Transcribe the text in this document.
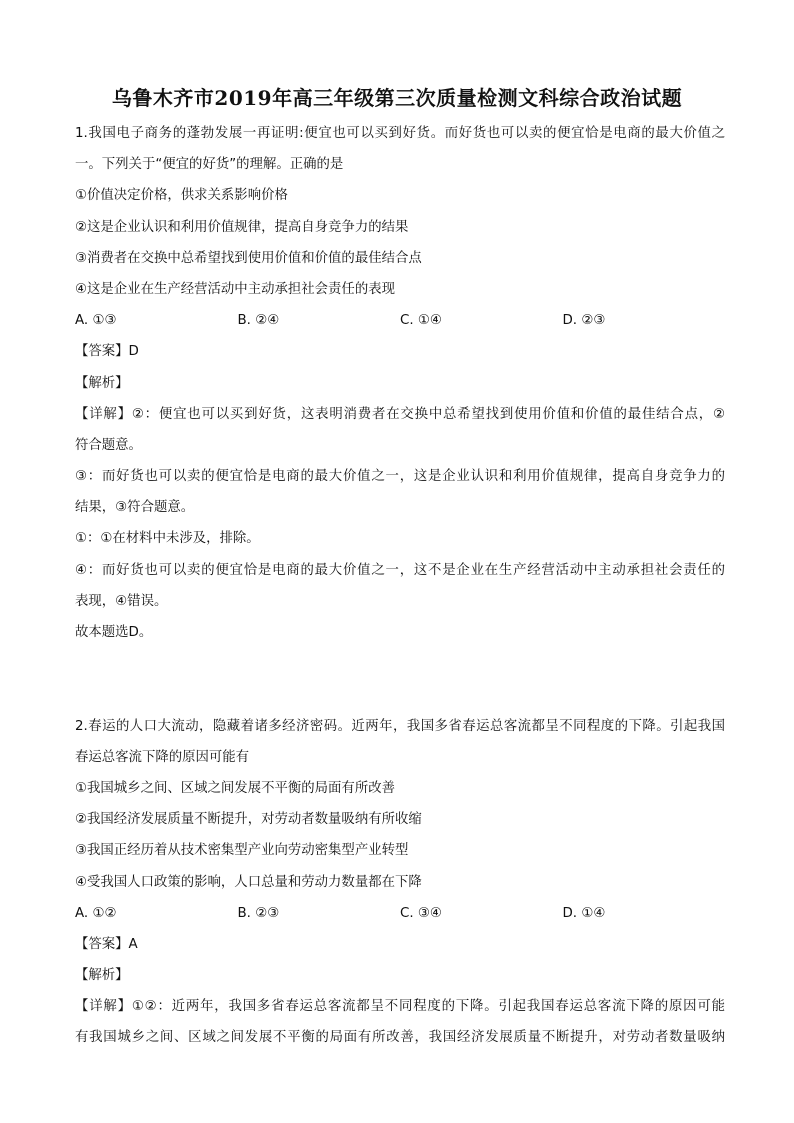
乌鲁木齐市2019年高三年级第三次质量检测文科综合政治试题
1.我国电子商务的蓬勃发展一再证明:便宜也可以买到好货。而好货也可以卖的便宜恰是电商的最大价值之
一。下列关于“便宜的好货”的理解。正确的是
①价值决定价格，供求关系影响价格
②这是企业认识和利用价值规律，提高自身竞争力的结果
③消费者在交换中总希望找到使用价值和价值的最佳结合点
④这是企业在生产经营活动中主动承担社会责任的表现
A. ①③	B. ②④	C. ①④	D. ②③
【答案】D
【解析】
【详解】②：便宜也可以买到好货，这表明消费者在交换中总希望找到使用价值和价值的最佳结合点，②
符合题意。
③：而好货也可以卖的便宜恰是电商的最大价值之一，这是企业认识和利用价值规律，提高自身竞争力的
结果，③符合题意。
①：①在材料中未涉及，排除。
④：而好货也可以卖的便宜恰是电商的最大价值之一，这不是企业在生产经营活动中主动承担社会责任的
表现，④错误。
故本题选D。
2.春运的人口大流动，隐藏着诸多经济密码。近两年，我国多省春运总客流都呈不同程度的下降。引起我国
春运总客流下降的原因可能有
①我国城乡之间、区域之间发展不平衡的局面有所改善
②我国经济发展质量不断提升，对劳动者数量吸纳有所收缩
③我国正经历着从技术密集型产业向劳动密集型产业转型
④受我国人口政策的影响，人口总量和劳动力数量都在下降
A. ①②	B. ②③	C. ③④	D. ①④
【答案】A
【解析】
【详解】①②：近两年，我国多省春运总客流都呈不同程度的下降。引起我国春运总客流下降的原因可能
有我国城乡之间、区域之间发展不平衡的局面有所改善，我国经济发展质量不断提升，对劳动者数量吸纳
